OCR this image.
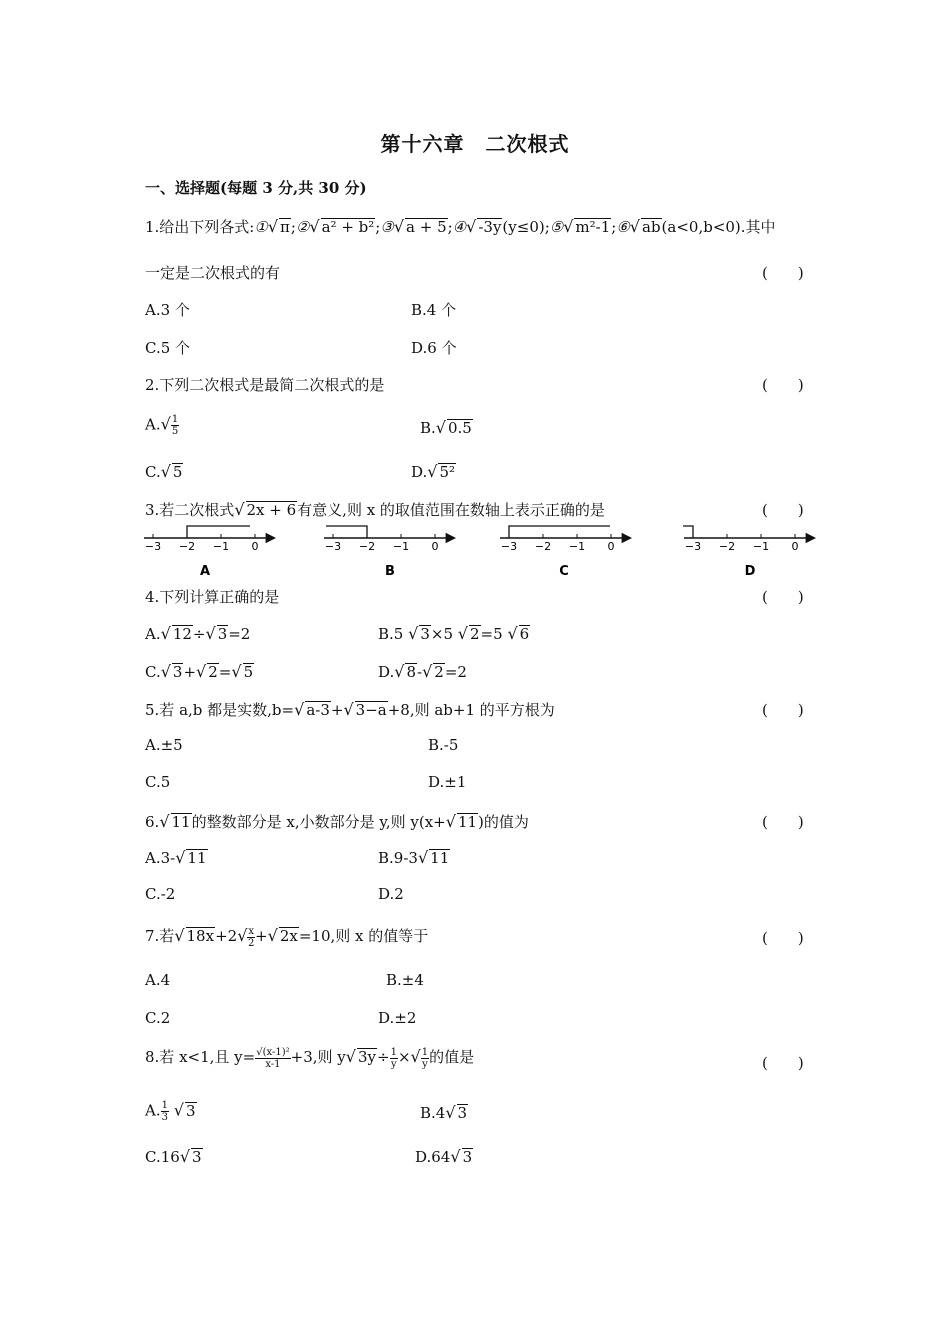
第十六章　二次根式
一、选择题(每题 3 分,共 30 分)
1.给出下列各式:①√ π;②√ a² + b²;③√ a + 5;④√ -3y(y≤0);⑤√ m²-1;⑥√ ab(a<0,b<0).其中
一定是二次根式的有	(　　)
A.3 个	B.4 个
C.5 个	D.6 个
2.下列二次根式是最简二次根式的是	(　　)
$A.√ \frac{1}{5}$	B.√ 0.5
C.√ 5	D.√ 5²
3.若二次根式√ 2x + 6有意义,则 x 的取值范围在数轴上表示正确的是	(　　)
−3 −2 −1 0
A
−3 −2 −1 0
B
−3 −2 −1 0
C
−3 −2 −1 0
D
4.下列计算正确的是	(　　)
A.√ 12÷√ 3=2	B.5 √ 3×5 √ 2=5 √ 6
C.√ 3+√ 2=√ 5	D.√ 8-√ 2=2
5.若 a,b 都是实数,b=√ a-3+√ 3−a+8,则 ab+1 的平方根为	(　　)
A.±5	B.-5
C.5	D.±1
6.√ 11的整数部分是 x,小数部分是 y,则 y(x+√ 11)的值为	(　　)
A.3-√ 11	B.9-3√ 11
C.-2	D.2
7.若√ $18x+2√ \frac{x}{2}$ +√ 2x=10,则 x 的值等于	(　　)
A.4	B.±4
C.2	D.±2
8.若 x<1,且 $y= \frac{\text{√(x-1)²}}{x-1} +3$,则 y√ $3y\div \frac{1}{y}$ ×√ $\frac{1}{y}$ 的值是	(　　)
A. $\frac{1}{3}$ √ 3	B.4√ 3
C.16√ 3	D.64√ 3
